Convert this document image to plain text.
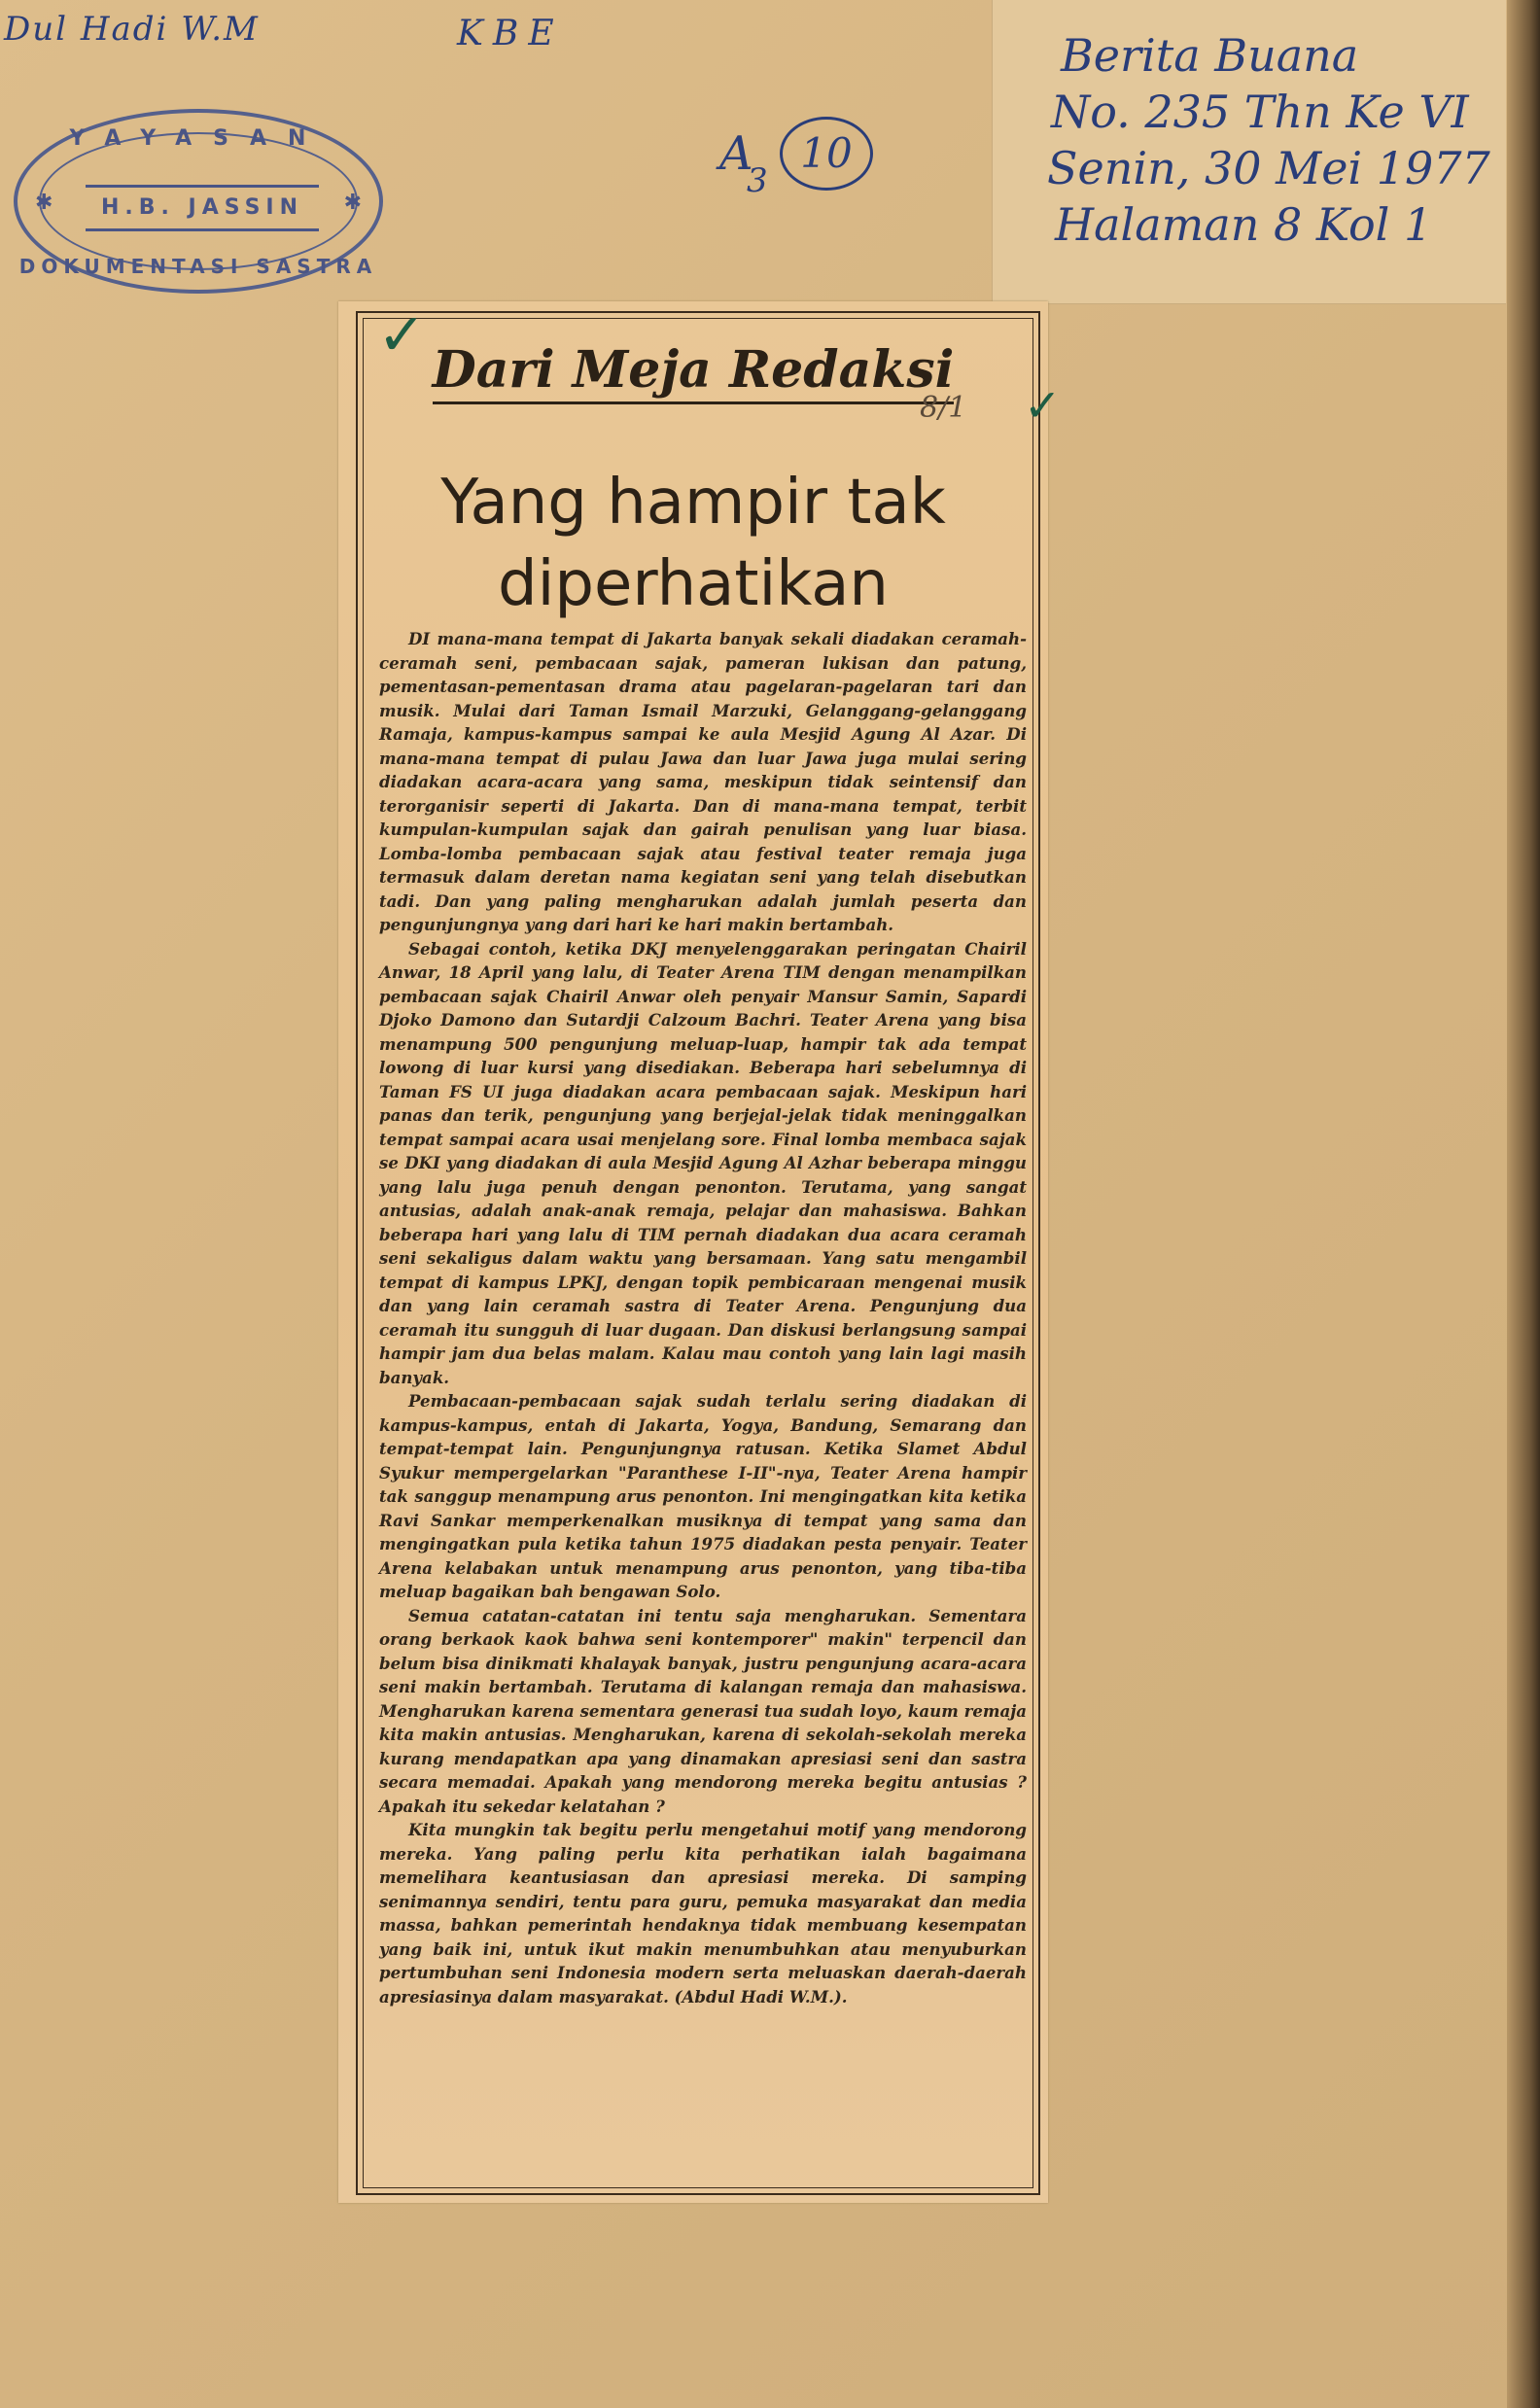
Dul Hadi W.M	KBE
YAYASAN
✱	✱
H.B. JASSIN
DOKUMENTASI SASTRA
A
3
10
Berita Buana
No. 235 Thn Ke VI
Senin, 30 Mei 1977
Halaman 8 Kol 1
✓
✓
Dari Meja Redaksi
8/1
Yang hampir tak
diperhatikan

DI mana-mana tempat di Jakarta banyak sekali diadakan ceramah-ceramah seni, pembacaan sajak, pameran lukisan dan patung, pementasan-pementasan drama atau pagelaran-pagelaran tari dan musik. Mulai dari Taman Ismail Marzuki, Gelanggang-gelanggang Ramaja, kampus-kampus sampai ke aula Mesjid Agung Al Azar. Di mana-mana tempat di pulau Jawa dan luar Jawa juga mulai sering diadakan acara-acara yang sama, meskipun tidak seintensif dan terorganisir seperti di Jakarta. Dan di mana-mana tempat, terbit kumpulan-kumpulan sajak dan gairah penulisan yang luar biasa. Lomba-lomba pembacaan sajak atau festival teater remaja juga termasuk dalam deretan nama kegiatan seni yang telah disebutkan tadi. Dan yang paling mengharukan adalah jumlah peserta dan pengunjungnya yang dari hari ke hari makin bertambah.

Sebagai contoh, ketika DKJ menyelenggarakan peringatan Chairil Anwar, 18 April yang lalu, di Teater Arena TIM dengan menampilkan pembacaan sajak Chairil Anwar oleh penyair Mansur Samin, Sapardi Djoko Damono dan Sutardji Calzoum Bachri. Teater Arena yang bisa menampung 500 pengunjung meluap-luap, hampir tak ada tempat lowong di luar kursi yang disediakan. Beberapa hari sebelumnya di Taman FS UI juga diadakan acara pembacaan sajak. Meskipun hari panas dan terik, pengunjung yang berjejal-jelak tidak meninggalkan tempat sampai acara usai menjelang sore. Final lomba membaca sajak se DKI yang diadakan di aula Mesjid Agung Al Azhar beberapa minggu yang lalu juga penuh dengan penonton. Terutama, yang sangat antusias, adalah anak-anak remaja, pelajar dan mahasiswa. Bahkan beberapa hari yang lalu di TIM pernah diadakan dua acara ceramah seni sekaligus dalam waktu yang bersamaan. Yang satu mengambil tempat di kampus LPKJ, dengan topik pembicaraan mengenai musik dan yang lain ceramah sastra di Teater Arena. Pengunjung dua ceramah itu sungguh di luar dugaan. Dan diskusi berlangsung sampai hampir jam dua belas malam. Kalau mau contoh yang lain lagi masih banyak.

Pembacaan-pembacaan sajak sudah terlalu sering diadakan di kampus-kampus, entah di Jakarta, Yogya, Bandung, Semarang dan tempat-tempat lain. Pengunjungnya ratusan. Ketika Slamet Abdul Syukur mempergelarkan "Paranthese I-II"-nya, Teater Arena hampir tak sanggup menampung arus penonton. Ini mengingatkan kita ketika Ravi Sankar memperkenalkan musiknya di tempat yang sama dan mengingatkan pula ketika tahun 1975 diadakan pesta penyair. Teater Arena kelabakan untuk menampung arus penonton, yang tiba-tiba meluap bagaikan bah bengawan Solo.

Semua catatan-catatan ini tentu saja mengharukan. Sementara orang berkaok kaok bahwa seni kontemporer" makin" terpencil dan belum bisa dinikmati khalayak banyak, justru pengunjung acara-acara seni makin bertambah. Terutama di kalangan remaja dan mahasiswa. Mengharukan karena sementara generasi tua sudah loyo, kaum remaja kita makin antusias. Mengharukan, karena di sekolah-sekolah mereka kurang mendapatkan apa yang dinamakan apresiasi seni dan sastra secara memadai. Apakah yang mendorong mereka begitu antusias ? Apakah itu sekedar kelatahan ?

Kita mungkin tak begitu perlu mengetahui motif yang mendorong mereka. Yang paling perlu kita perhatikan ialah bagaimana memelihara keantusiasan dan apresiasi mereka. Di samping senimannya sendiri, tentu para guru, pemuka masyarakat dan media massa, bahkan pemerintah hendaknya tidak membuang kesempatan yang baik ini, untuk ikut makin menumbuhkan atau menyuburkan pertumbuhan seni Indonesia modern serta meluaskan daerah-daerah apresiasinya dalam masyarakat. (Abdul Hadi W.M.).
